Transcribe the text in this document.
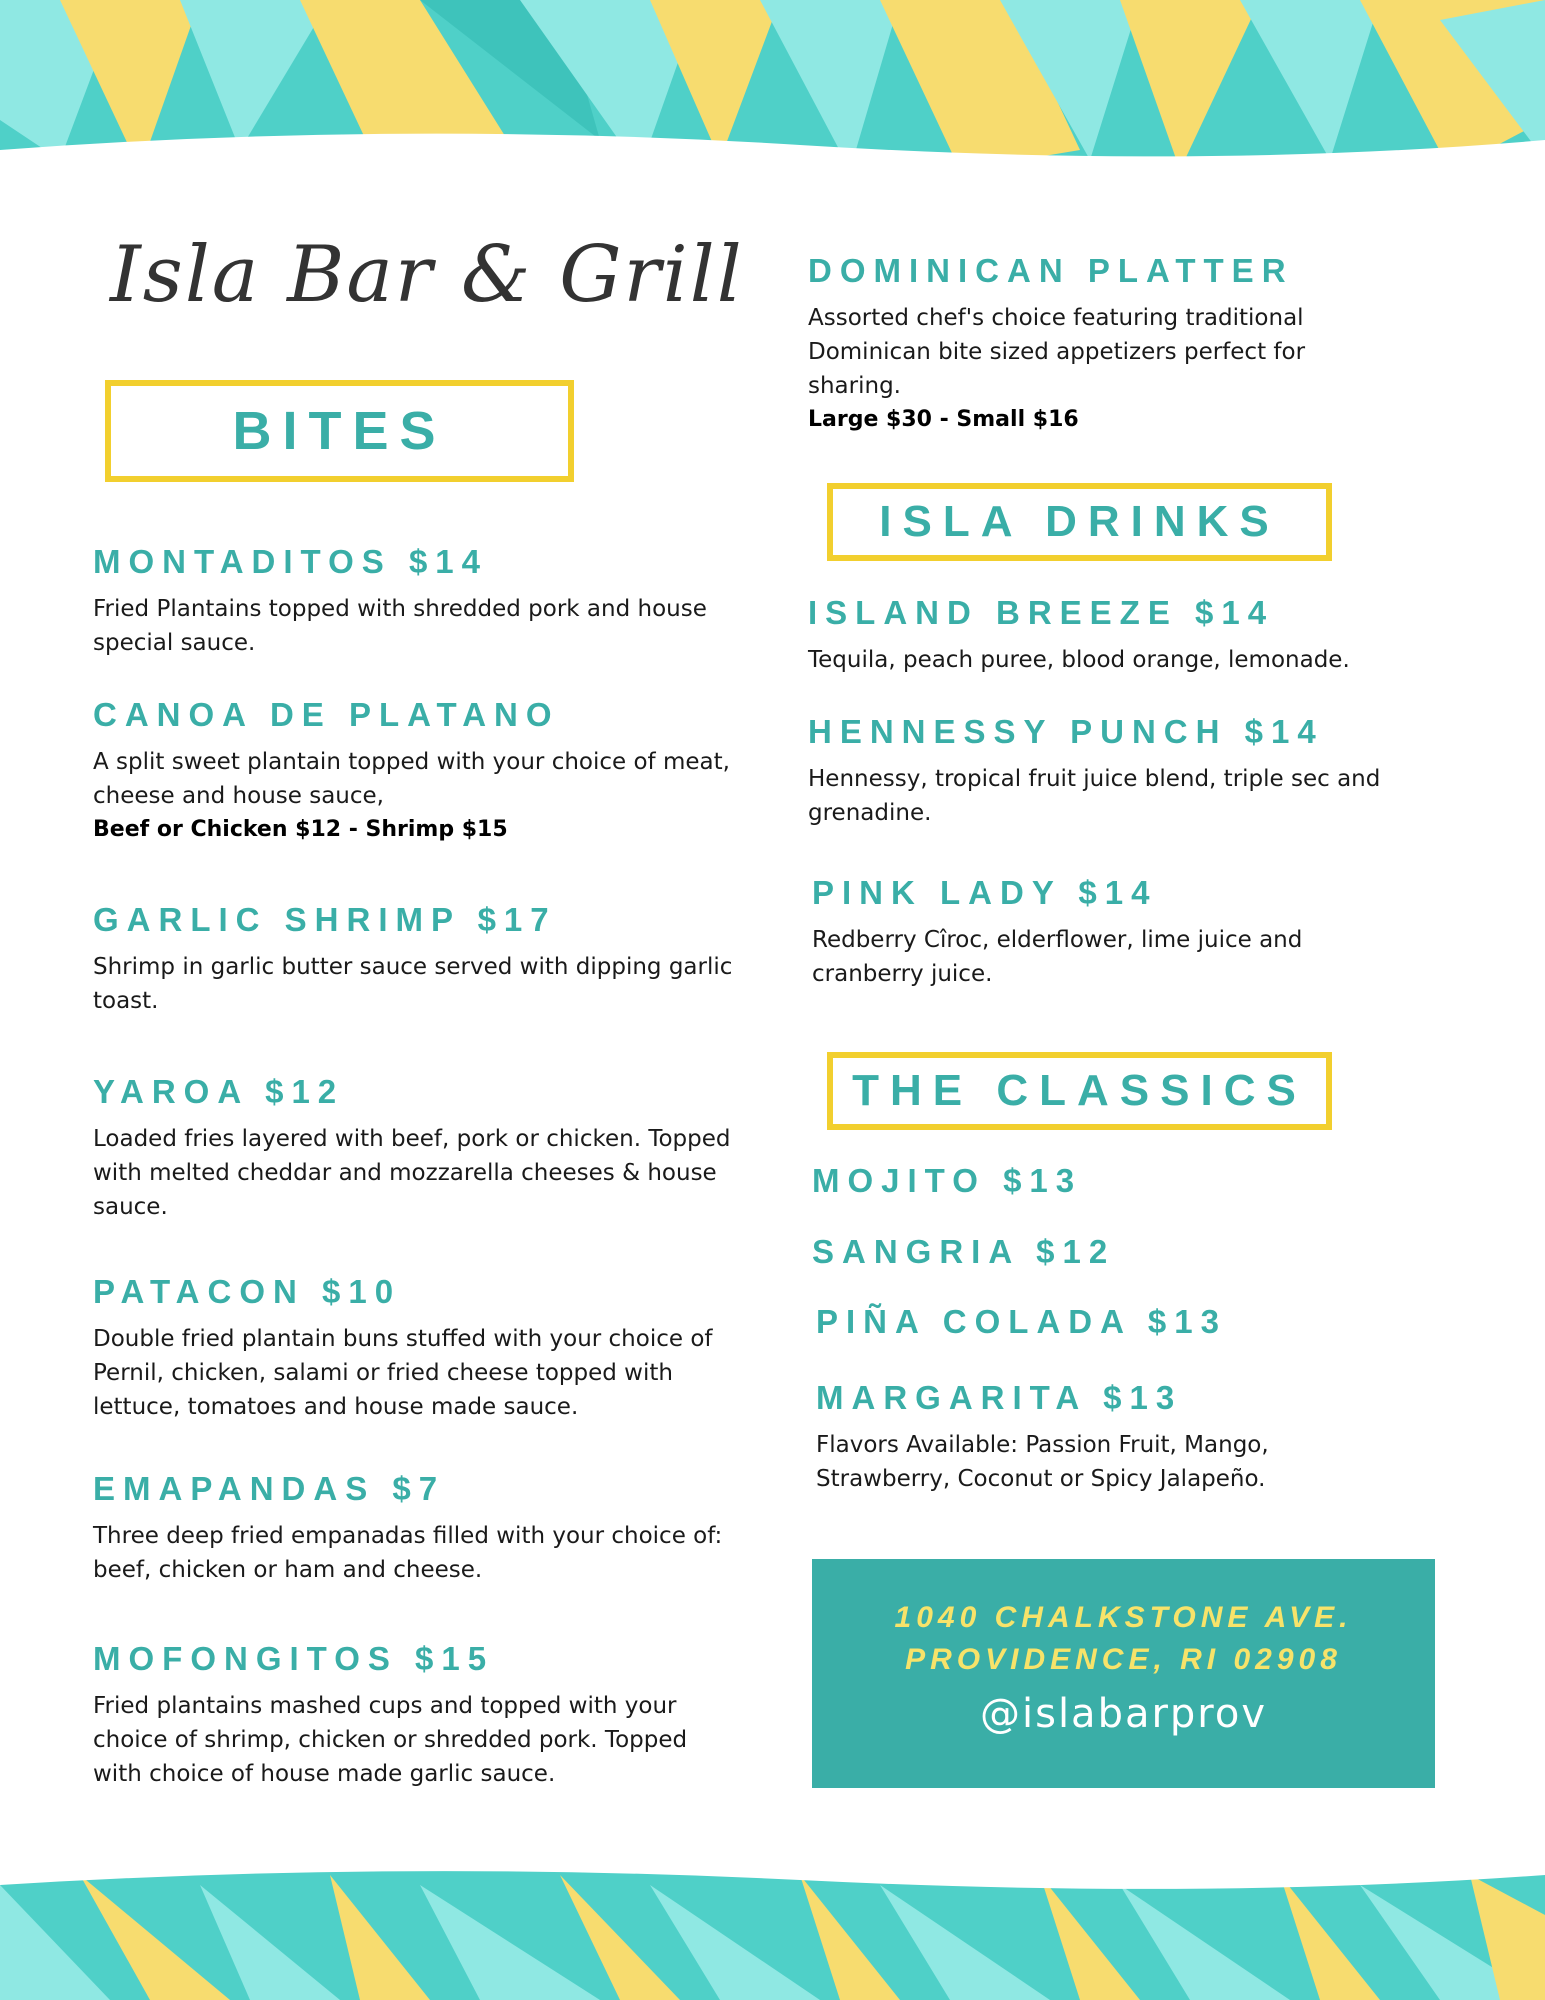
Isla Bar & Grill
BITES
MONTADITOS $14
Fried Plantains topped with shredded pork and house special sauce.
CANOA DE PLATANO
A split sweet plantain topped with your choice of meat, cheese and house sauce,
Beef or Chicken $12 - Shrimp $15
GARLIC SHRIMP $17
Shrimp in garlic butter sauce served with dipping garlic toast.
YAROA $12
Loaded fries layered with beef, pork or chicken. Topped with melted cheddar and mozzarella cheeses & house sauce.
PATACON $10
Double fried plantain buns stuffed with your choice of Pernil, chicken, salami or fried cheese topped with lettuce, tomatoes and house made sauce.
EMAPANDAS $7
Three deep fried empanadas filled with your choice of: beef, chicken or ham and cheese.
MOFONGITOS $15
Fried plantains mashed cups and topped with your choice of shrimp, chicken or shredded pork. Topped with choice of house made garlic sauce.
DOMINICAN PLATTER
Assorted chef's choice featuring traditional Dominican bite sized appetizers perfect for sharing.
Large $30 - Small $16
ISLA DRINKS
ISLAND BREEZE $14
Tequila, peach puree, blood orange, lemonade.
HENNESSY PUNCH $14
Hennessy, tropical fruit juice blend, triple sec and grenadine.
PINK LADY $14
Redberry Cîroc, elderflower, lime juice and cranberry juice.
THE CLASSICS
MOJITO $13
SANGRIA $12
PIÑA COLADA $13
MARGARITA $13
Flavors Available: Passion Fruit, Mango, Strawberry, Coconut or Spicy Jalapeño.
1040 CHALKSTONE AVE.
PROVIDENCE, RI 02908
@islabarprov
